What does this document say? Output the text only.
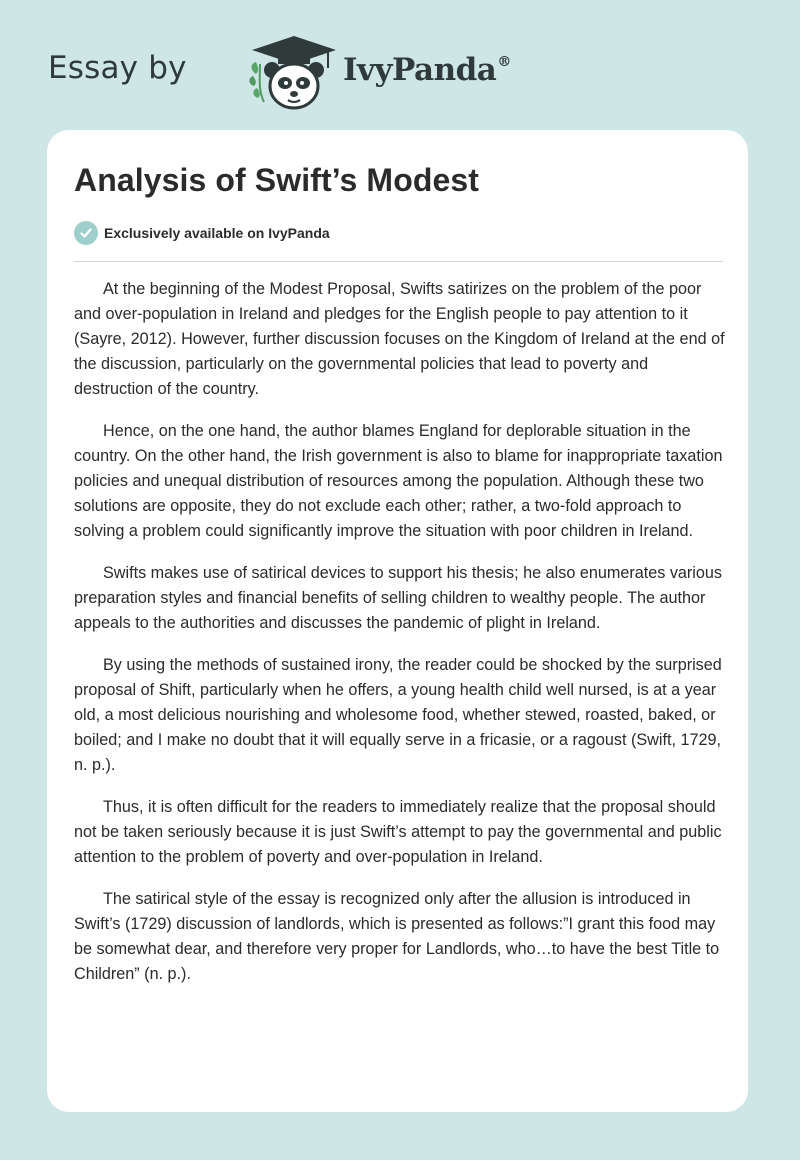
Essay by	IvyPanda®
Analysis of Swift’s Modest
Exclusively available on IvyPanda

At the beginning of the Modest Proposal, Swifts satirizes on the problem of the poor and over-population in Ireland and pledges for the English people to pay attention to it (Sayre, 2012). However, further discussion focuses on the Kingdom of Ireland at the end of the discussion, particularly on the governmental policies that lead to poverty and destruction of the country.

Hence, on the one hand, the author blames England for deplorable situation in the country. On the other hand, the Irish government is also to blame for inappropriate taxation policies and unequal distribution of resources among the population. Although these two solutions are opposite, they do not exclude each other; rather, a two-fold approach to solving a problem could significantly improve the situation with poor children in Ireland.

Swifts makes use of satirical devices to support his thesis; he also enumerates various preparation styles and financial benefits of selling children to wealthy people. The author appeals to the authorities and discusses the pandemic of plight in Ireland.

By using the methods of sustained irony, the reader could be shocked by the surprised proposal of Shift, particularly when he offers, a young health child well nursed, is at a year old, a most delicious nourishing and wholesome food, whether stewed, roasted, baked, or boiled; and I make no doubt that it will equally serve in a fricasie, or a ragoust (Swift, 1729, n. p.).

Thus, it is often difficult for the readers to immediately realize that the proposal should not be taken seriously because it is just Swift’s attempt to pay the governmental and public attention to the problem of poverty and over-population in Ireland.

The satirical style of the essay is recognized only after the allusion is introduced in Swift’s (1729) discussion of landlords, which is presented as follows:”I grant this food may be somewhat dear, and therefore very proper for Landlords, who…to have the best Title to Children” (n. p.).
